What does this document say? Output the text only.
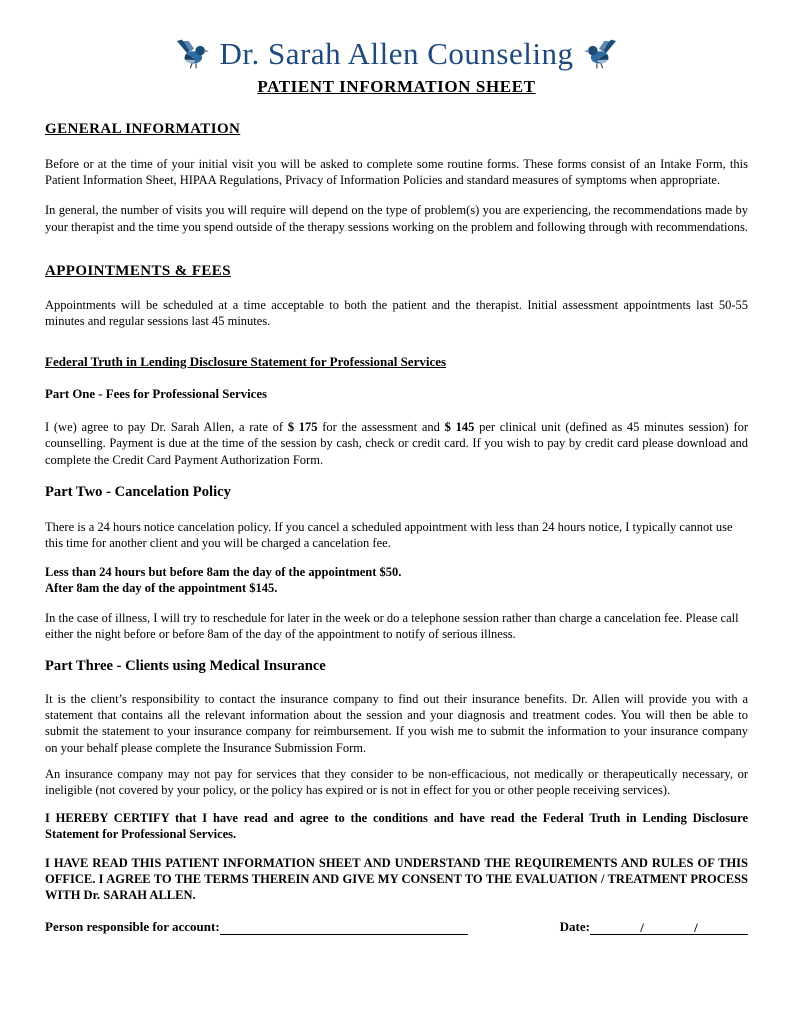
Dr. Sarah Allen Counseling
PATIENT INFORMATION SHEET
GENERAL INFORMATION

Before or at the time of your initial visit you will be asked to complete some routine forms. These forms consist of an Intake Form, this Patient Information Sheet, HIPAA Regulations, Privacy of Information Policies and standard measures of symptoms when appropriate.

In general, the number of visits you will require will depend on the type of problem(s) you are experiencing, the recommendations made by your therapist and the time you spend outside of the therapy sessions working on the problem and following through with recommendations.

APPOINTMENTS & FEES

Appointments will be scheduled at a time acceptable to both the patient and the therapist. Initial assessment appointments last 50-55 minutes and regular sessions last 45 minutes.

Federal Truth in Lending Disclosure Statement for Professional Services
Part One - Fees for Professional Services

I (we) agree to pay Dr. Sarah Allen, a rate of $ 175 for the assessment and $ 145 per clinical unit (defined as 45 minutes session) for counselling. Payment is due at the time of the session by cash, check or credit card. If you wish to pay by credit card please download and complete the Credit Card Payment Authorization Form.

Part Two - Cancelation Policy

There is a 24 hours notice cancelation policy. If you cancel a scheduled appointment with less than 24 hours notice, I typically cannot use this time for another client and you will be charged a cancelation fee.

Less than 24 hours but before 8am the day of the appointment $50.
After 8am the day of the appointment $145.

In the case of illness, I will try to reschedule for later in the week or do a telephone session rather than charge a cancelation fee. Please call either the night before or before 8am of the day of the appointment to notify of serious illness.

Part Three - Clients using Medical Insurance

It is the client’s responsibility to contact the insurance company to find out their insurance benefits. Dr. Allen will provide you with a statement that contains all the relevant information about the session and your diagnosis and treatment codes. You will then be able to submit the statement to your insurance company for reimbursement. If you wish me to submit the information to your insurance company on your behalf please complete the Insurance Submission Form.

An insurance company may not pay for services that they consider to be non-efficacious, not medically or therapeutically necessary, or ineligible (not covered by your policy, or the policy has expired or is not in effect for you or other people receiving services).

I HEREBY CERTIFY that I have read and agree to the conditions and have read the Federal Truth in Lending Disclosure Statement for Professional Services.

I HAVE READ THIS PATIENT INFORMATION SHEET AND UNDERSTAND THE REQUIREMENTS AND RULES OF THIS OFFICE. I AGREE TO THE TERMS THEREIN AND GIVE MY CONSENT TO THE EVALUATION / TREATMENT PROCESS WITH Dr. SARAH ALLEN.

Person responsible for account:	Date:	/	/
